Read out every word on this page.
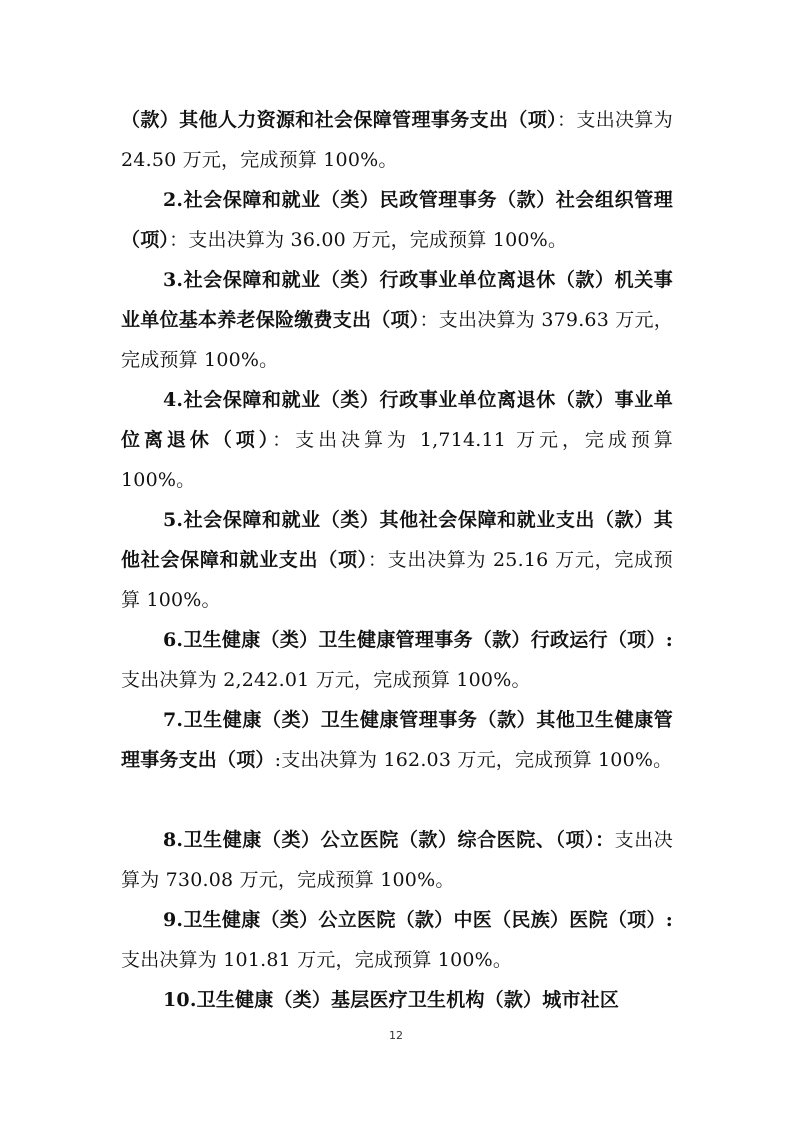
（款）其他人力资源和社会保障管理事务支出（项）：支出决算为 24.50 万元，完成预算 100%。

2.社会保障和就业（类）民政管理事务（款）社会组织管理（项）：支出决算为 36.00 万元，完成预算 100%。

3.社会保障和就业（类）行政事业单位离退休（款）机关事业单位基本养老保险缴费支出（项）：支出决算为 379.63 万元，完成预算 100%。

4.社会保障和就业（类）行政事业单位离退休（款）事业单位离退休（项）：支出决算为 1,714.11 万元，完成预算 100%。

5.社会保障和就业（类）其他社会保障和就业支出（款）其他社会保障和就业支出（项）：支出决算为 25.16 万元，完成预算 100%。

6.卫生健康（类）卫生健康管理事务（款）行政运行（项）:支出决算为 2,242.01 万元，完成预算 100%。

7.卫生健康（类）卫生健康管理事务（款）其他卫生健康管理事务支出（项）:支出决算为 162.03 万元，完成预算 100%。

8.卫生健康（类）公立医院（款）综合医院、（项）：支出决算为 730.08 万元，完成预算 100%。

9.卫生健康（类）公立医院（款）中医（民族）医院（项）:支出决算为 101.81 万元，完成预算 100%。

10.卫生健康（类）基层医疗卫生机构（款）城市社区

12
